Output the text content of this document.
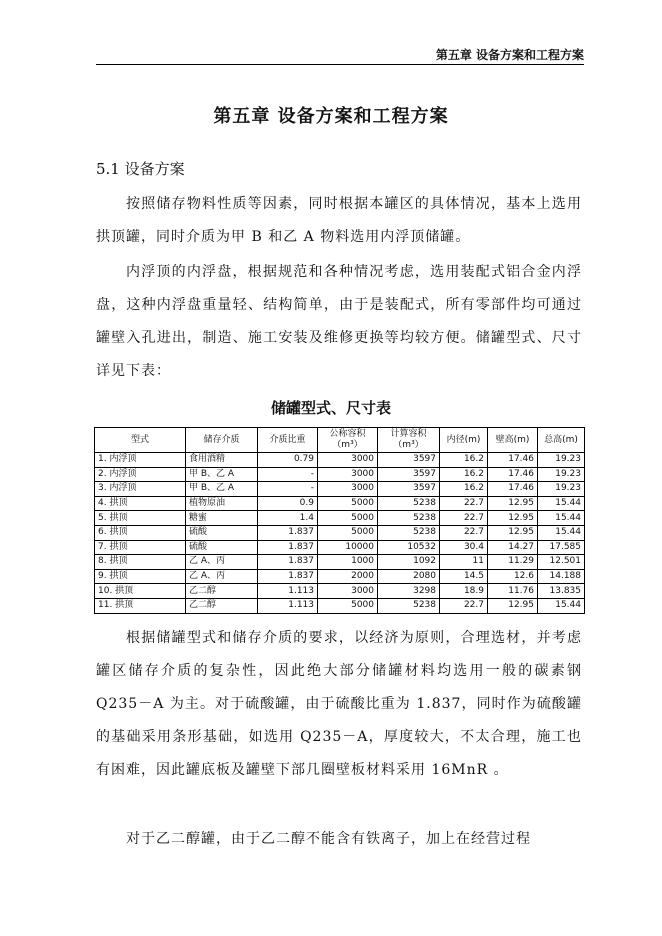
第五章 设备方案和工程方案
第五章 设备方案和工程方案
5.1 设备方案

按照储存物料性质等因素，同时根据本罐区的具体情况，基本上选用拱顶罐，同时介质为甲 B 和乙 A 物料选用内浮顶储罐。

内浮顶的内浮盘，根据规范和各种情况考虑，选用装配式铝合金内浮盘，这种内浮盘重量轻、结构简单，由于是装配式，所有零部件均可通过罐壁入孔进出，制造、施工安装及维修更换等均较方便。储罐型式、尺寸详见下表：

储罐型式、尺寸表
型式	储存介质	介质比重	公称容积（m³）	计算容积（m³）	内径(m)	壁高(m)	总高(m)
1. 内浮顶	食用酒精	0.79	3000	3597	16.2	17.46	19.23
2. 内浮顶	甲 B、乙 A	-	3000	3597	16.2	17.46	19.23
3. 内浮顶	甲 B、乙 A	-	3000	3597	16.2	17.46	19.23
4. 拱顶	植物原油	0.9	5000	5238	22.7	12.95	15.44
5. 拱顶	糖蜜	1.4	5000	5238	22.7	12.95	15.44
6. 拱顶	硫酸	1.837	5000	5238	22.7	12.95	15.44
7. 拱顶	硫酸	1.837	10000	10532	30.4	14.27	17.585
8. 拱顶	乙 A、丙	1.837	1000	1092	11	11.29	12.501
9. 拱顶	乙 A、丙	1.837	2000	2080	14.5	12.6	14.188
10. 拱顶	乙二醇	1.113	3000	3298	18.9	11.76	13.835
11. 拱顶	乙二醇	1.113	5000	5238	22.7	12.95	15.44

根据储罐型式和储存介质的要求，以经济为原则，合理选材，并考虑罐区储存介质的复杂性，因此绝大部分储罐材料均选用一般的碳素钢 Q235－A 为主。对于硫酸罐，由于硫酸比重为 1.837，同时作为硫酸罐的基础采用条形基础，如选用 Q235－A，厚度较大，不太合理，施工也有困难，因此罐底板及罐壁下部几圈壁板材料采用 16MnR 。

对于乙二醇罐，由于乙二醇不能含有铁离子，加上在经营过程
